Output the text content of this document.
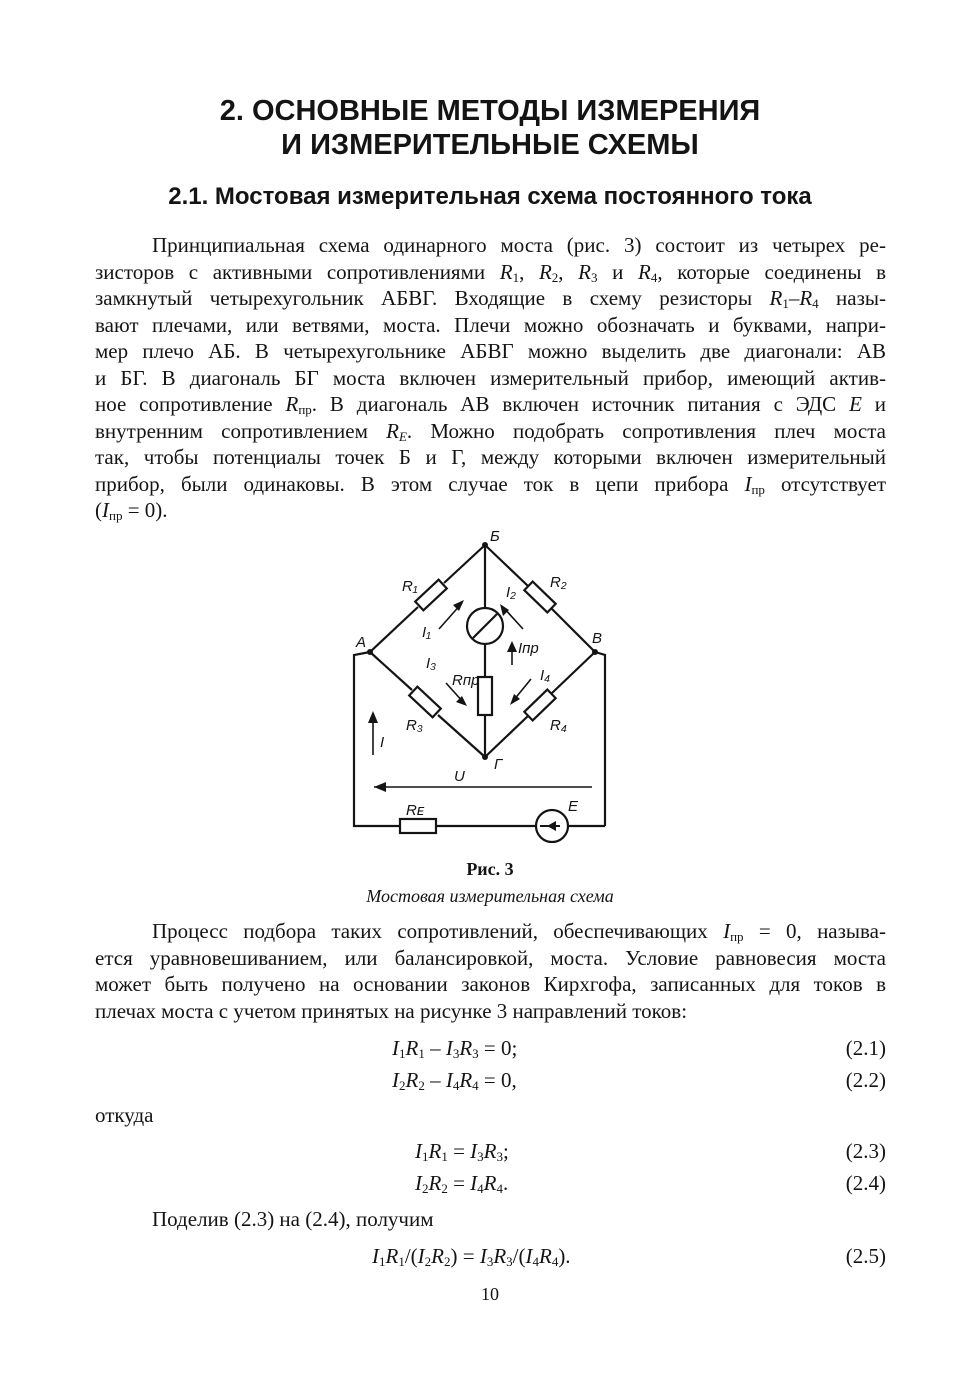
2. ОСНОВНЫЕ МЕТОДЫ ИЗМЕРЕНИЯ
И ИЗМЕРИТЕЛЬНЫЕ СХЕМЫ
2.1. Мостовая измерительная схема постоянного тока
Принципиальная схема одинарного моста (рис. 3) состоит из четырех ре-
зисторов с активными сопротивлениями $R_1$, $R_2$, $R_3$ и $R_4$, которые соединены в
замкнутый четырехугольник АБВГ. Входящие в схему резисторы $R_1-R_4$ назы-
вают плечами, или ветвями, моста. Плечи можно обозначать и буквами, напри-
мер плечо АБ. В четырехугольнике АБВГ можно выделить две диагонали: АВ
и БГ. В диагональ БГ моста включен измерительный прибор, имеющий актив-
ное сопротивление $R_{пр}$. В диагональ АВ включен источник питания с ЭДС E и
внутренним сопротивлением $R_E$. Можно подобрать сопротивления плеч моста
так, чтобы потенциалы точек Б и Г, между которыми включен измерительный
прибор, были одинаковы. В этом случае ток в цепи прибора $I_{пр}$ отсутствует
$(I_{пр} = 0)$.
Б
А	В
Г
R₁	R₂
R₃	R₄
Rпр
Rᴇ
I
I₁
I₂
I₃
I₄
Iпр
U
E
Рис. 3
Мостовая измерительная схема
Процесс подбора таких сопротивлений, обеспечивающих $I_{пр} = 0$, называ-
ется уравновешиванием, или балансировкой, моста. Условие равновесия моста
может быть получено на основании законов Кирхгофа, записанных для токов в
плечах моста с учетом принятых на рисунке 3 направлений токов:
$I_1R_1 - I_3R_3 = 0$;	(2.1)
$I_2R_2 - I_4R_4 = 0$,	(2.2)
откуда
$I_1R_1 = I_3R_3$;	(2.3)
$I_2R_2 = I_4R_4$.	(2.4)
Поделив (2.3) на (2.4), получим
$I_1R_1/(I_2R_2) = I_3R_3/(I_4R_4)$.	(2.5)
10
